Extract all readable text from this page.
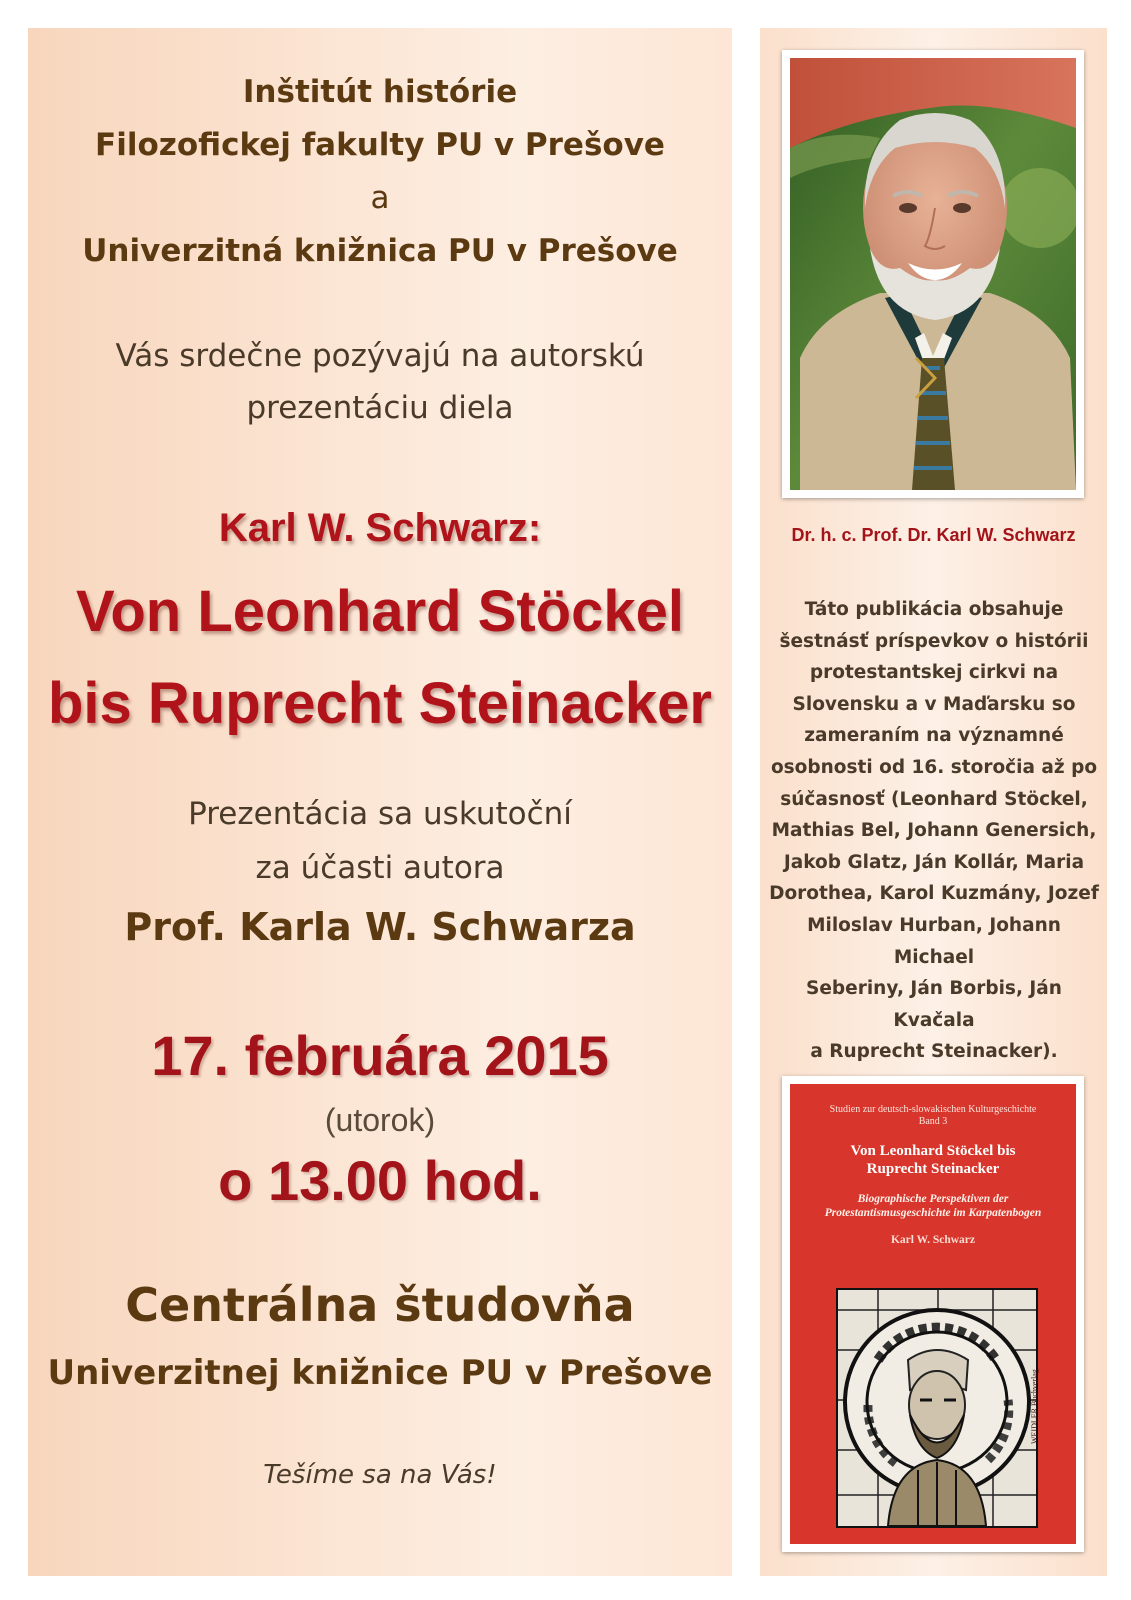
Inštitút histórie
Filozofickej fakulty PU v Prešove
a
Univerzitná knižnica PU v Prešove
Vás srdečne pozývajú na autorskú
prezentáciu diela
Karl W. Schwarz:
Von Leonhard Stöckel
bis Ruprecht Steinacker
Prezentácia sa uskutoční
za účasti autora
Prof. Karla W. Schwarza
17. februára 2015
(utorok)
o 13.00 hod.
Centrálna študovňa
Univerzitnej knižnice PU v Prešove
Tešíme sa na Vás!
Dr. h. c. Prof. Dr. Karl W. Schwarz

Táto publikácia obsahuje
šestnásť príspevkov o histórii
protestantskej cirkvi na
Slovensku a v Maďarsku so
zameraním na významné
osobnosti od 16. storočia až po
súčasnosť (Leonhard Stöckel,
Mathias Bel, Johann Genersich,
Jakob Glatz, Ján Kollár, Maria
Dorothea, Karol Kuzmány, Jozef
Miloslav Hurban, Johann Michael
Seberiny, Ján Borbis, Ján Kvačala
a Ruprecht Steinacker).

Studien zur deutsch-slowakischen Kulturgeschichte
Band 3
Von Leonhard Stöckel bis
Ruprecht Steinacker
Biographische Perspektiven der
Protestantismusgeschichte im Karpatenbogen
Karl W. Schwarz
WEIDLER Buchverlag
